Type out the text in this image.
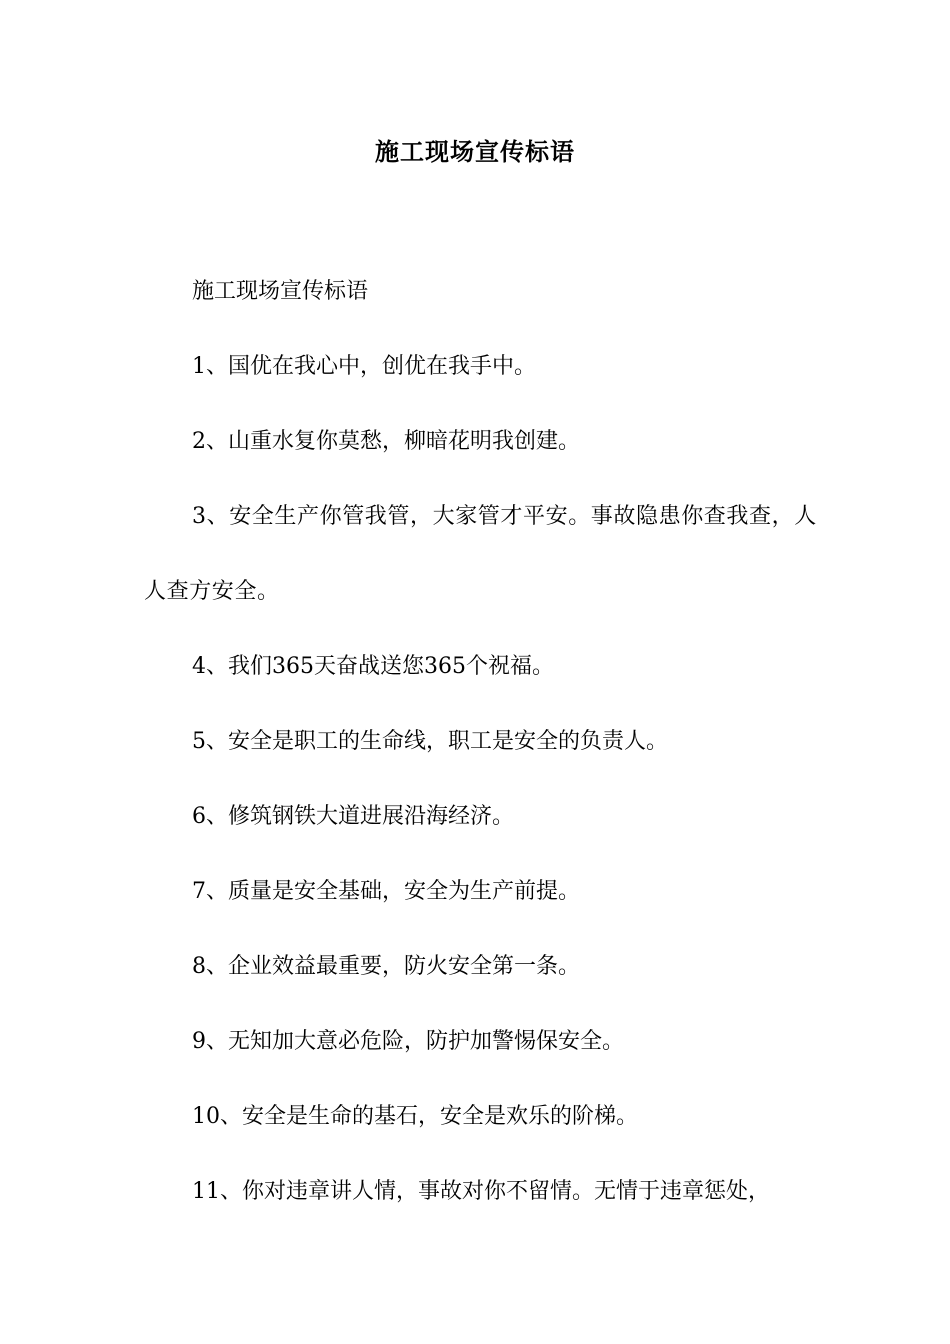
施工现场宣传标语

施工现场宣传标语

1、国优在我心中，创优在我手中。

2、山重水复你莫愁，柳暗花明我创建。

3、安全生产你管我管，大家管才平安。事故隐患你查我查，人人查方安全。

4、我们365天奋战送您365个祝福。

5、安全是职工的生命线，职工是安全的负责人。

6、修筑钢铁大道进展沿海经济。

7、质量是安全基础，安全为生产前提。

8、企业效益最重要，防火安全第一条。

9、无知加大意必危险，防护加警惕保安全。

10、安全是生命的基石，安全是欢乐的阶梯。

11、你对违章讲人情，事故对你不留情。无情于违章惩处，
